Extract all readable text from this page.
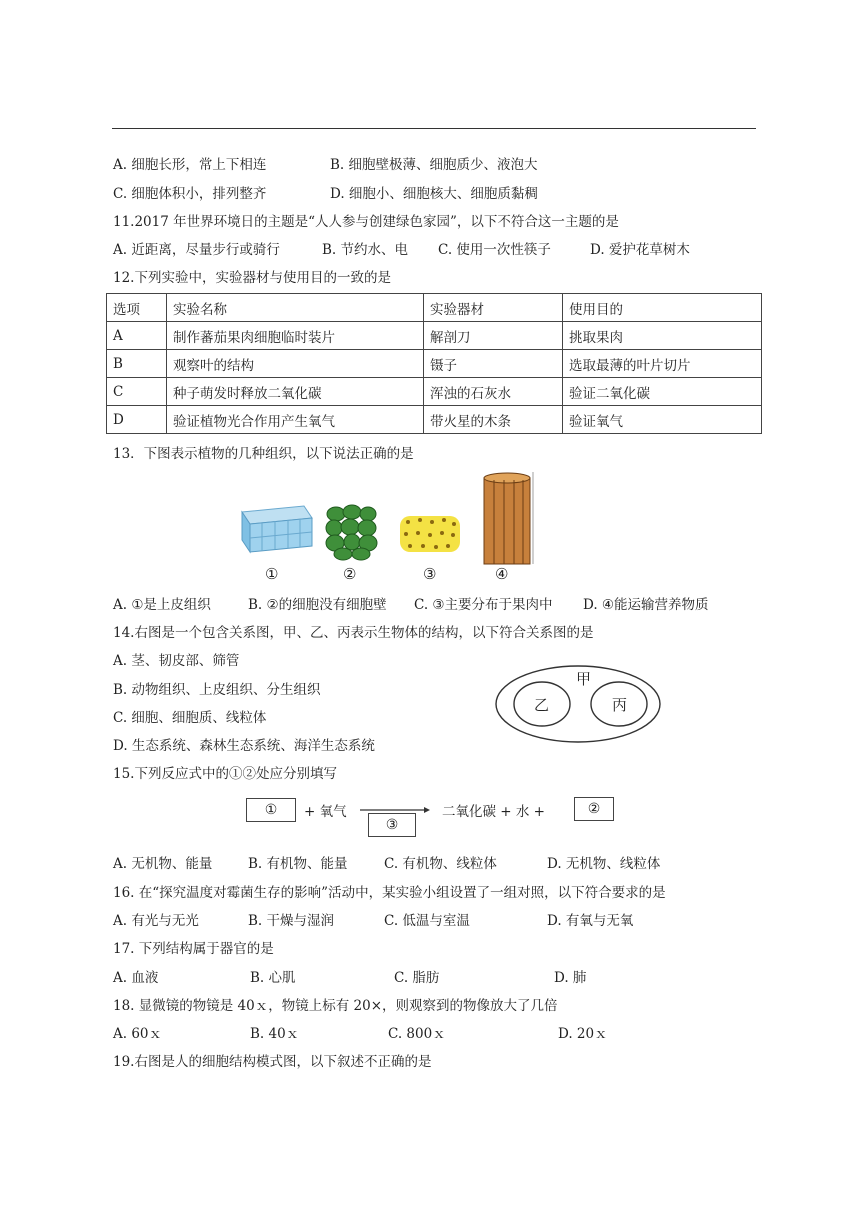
A. 细胞长形，常上下相连	B. 细胞壁极薄、细胞质少、液泡大
C. 细胞体积小，排列整齐	D. 细胞小、细胞核大、细胞质黏稠
11.2017 年世界环境日的主题是“人人参与创建绿色家园”，以下不符合这一主题的是
A. 近距离，尽量步行或骑行	B. 节约水、电 C. 使用一次性筷子	D. 爱护花草树木
12.下列实验中，实验器材与使用目的一致的是
选项	实验名称	实验器材	使用目的
A	制作蕃茄果肉细胞临时装片	解剖刀	挑取果肉
B	观察叶的结构	镊子	选取最薄的叶片切片
C	种子萌发时释放二氧化碳	浑浊的石灰水	验证二氧化碳
D	验证植物光合作用产生氧气	带火星的木条	验证氧气
13．下图表示植物的几种组织，以下说法正确的是
①	②	③	④
A. ①是上皮组织	B. ②的细胞没有细胞壁 C. ③主要分布于果肉中 D. ④能运输营养物质
14.右图是一个包含关系图，甲、乙、丙表示生物体的结构，以下符合关系图的是
A. 茎、韧皮部、筛管
B. 动物组织、上皮组织、分生组织
C. 细胞、细胞质、线粒体
D. 生态系统、森林生态系统、海洋生态系统
甲
乙	丙
15.下列反应式中的①②处应分别填写
①	+ 氧气
③
二氧化碳 + 水 +	②
A. 无机物、能量	B. 有机物、能量	C. 有机物、线粒体	D. 无机物、线粒体
16. 在“探究温度对霉菌生存的影响”活动中，某实验小组设置了一组对照，以下符合要求的是
A. 有光与无光	B. 干燥与湿润	C. 低温与室温	D. 有氧与无氧
17. 下列结构属于器官的是
A. 血液	B. 心肌	C. 脂肪	D. 肺
18. 显微镜的物镜是 40ｘ，物镜上标有 20×，则观察到的物像放大了几倍
A. 60ｘ	B. 40ｘ	C. 800ｘ	D. 20ｘ
19.右图是人的细胞结构模式图，以下叙述不正确的是
